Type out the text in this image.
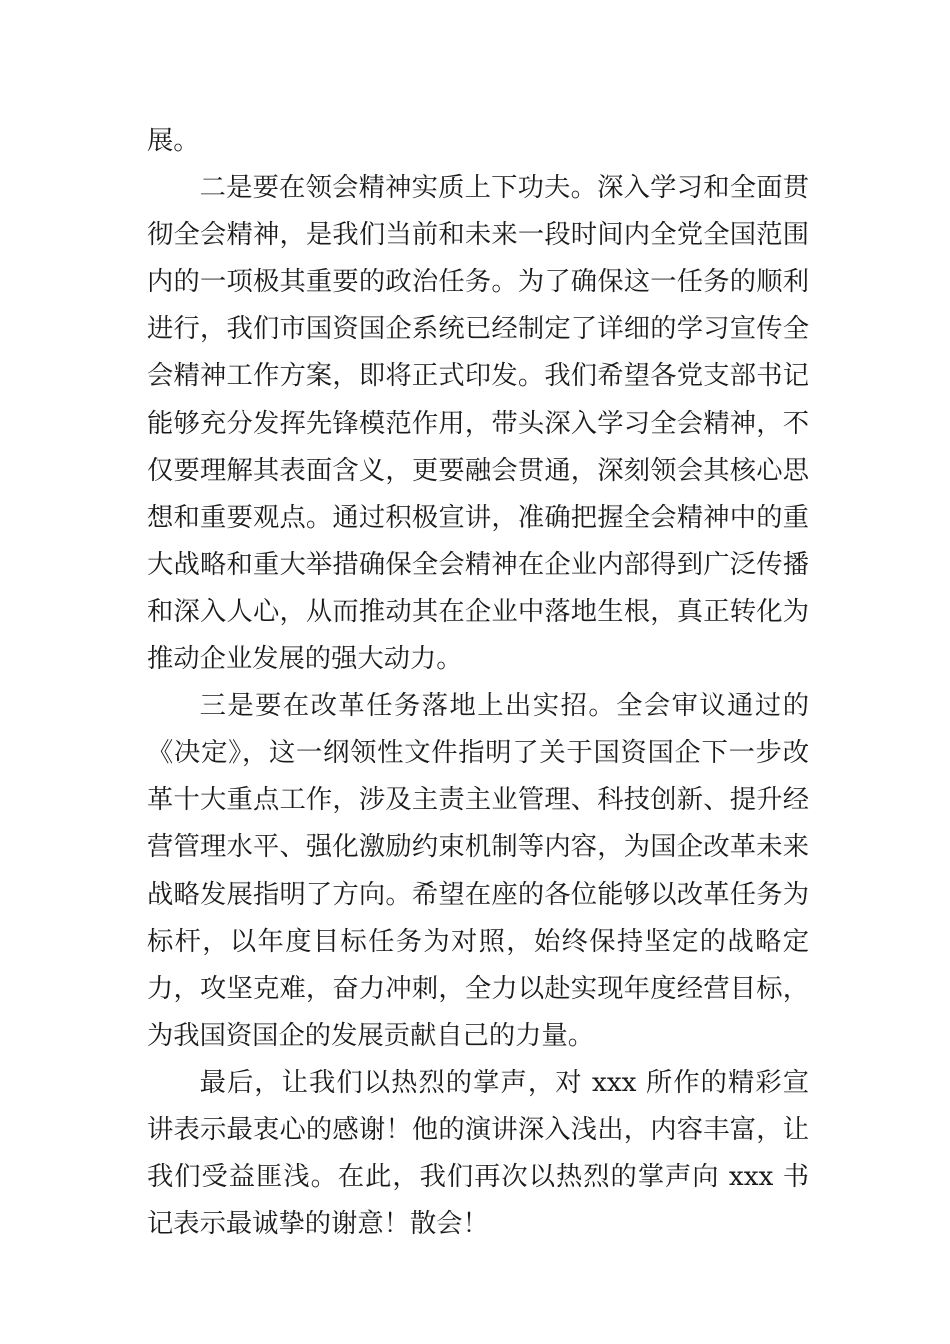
展。

二是要在领会精神实质上下功夫。深入学习和全面贯彻全会精神，是我们当前和未来一段时间内全党全国范围内的一项极其重要的政治任务。为了确保这一任务的顺利进行，我们市国资国企系统已经制定了详细的学习宣传全会精神工作方案，即将正式印发。我们希望各党支部书记能够充分发挥先锋模范作用，带头深入学习全会精神，不仅要理解其表面含义，更要融会贯通，深刻领会其核心思想和重要观点。通过积极宣讲，准确把握全会精神中的重大战略和重大举措确保全会精神在企业内部得到广泛传播和深入人心，从而推动其在企业中落地生根，真正转化为推动企业发展的强大动力。

三是要在改革任务落地上出实招。全会审议通过的《决定》，这一纲领性文件指明了关于国资国企下一步改革十大重点工作，涉及主责主业管理、科技创新、提升经营管理水平、强化激励约束机制等内容，为国企改革未来战略发展指明了方向。希望在座的各位能够以改革任务为标杆，以年度目标任务为对照，始终保持坚定的战略定力，攻坚克难，奋力冲刺，全力以赴实现年度经营目标，为我国资国企的发展贡献自己的力量。

最后，让我们以热烈的掌声，对 xxx 所作的精彩宣讲表示最衷心的感谢！他的演讲深入浅出，内容丰富，让我们受益匪浅。在此，我们再次以热烈的掌声向 xxx 书记表示最诚挚的谢意！散会！
